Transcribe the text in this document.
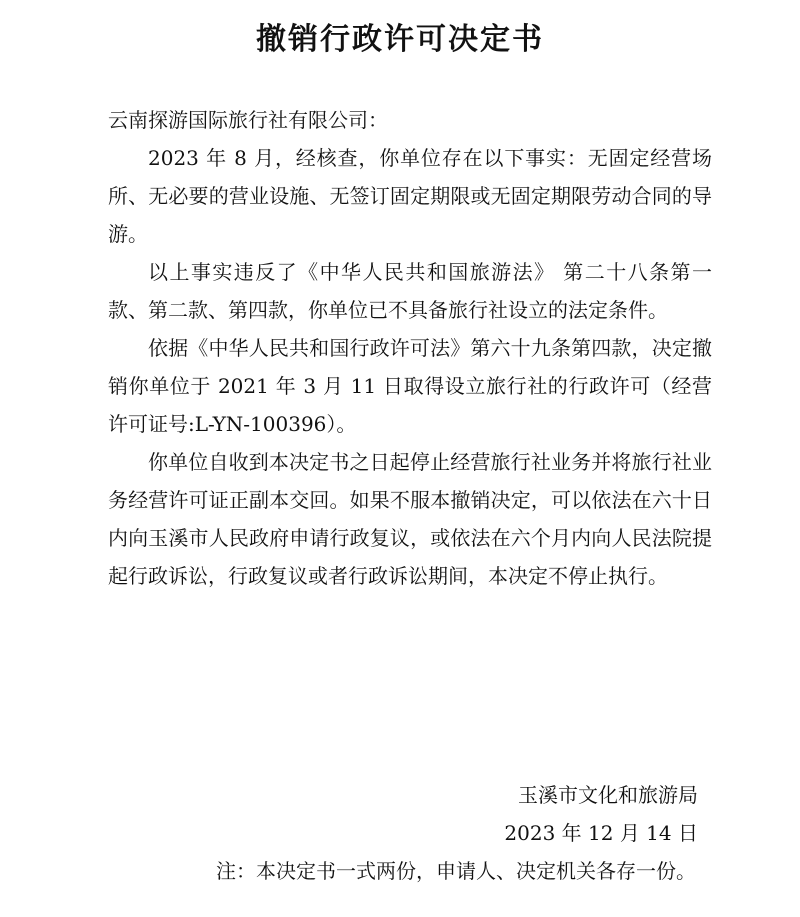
撤销行政许可决定书

云南探游国际旅行社有限公司：

2023 年 8 月，经核查，你单位存在以下事实：无固定经营场所、无必要的营业设施、无签订固定期限或无固定期限劳动合同的导游。

以上事实违反了《中华人民共和国旅游法》 第二十八条第一款、第二款、第四款，你单位已不具备旅行社设立的法定条件。

依据《中华人民共和国行政许可法》第六十九条第四款，决定撤销你单位于 2021 年 3 月 11 日取得设立旅行社的行政许可（经营许可证号:L-YN-100396）。

你单位自收到本决定书之日起停止经营旅行社业务并将旅行社业务经营许可证正副本交回。如果不服本撤销决定，可以依法在六十日内向玉溪市人民政府申请行政复议，或依法在六个月内向人民法院提起行政诉讼，行政复议或者行政诉讼期间，本决定不停止执行。

玉溪市文化和旅游局
2023 年 12 月 14 日
注：本决定书一式两份，申请人、决定机关各存一份。
